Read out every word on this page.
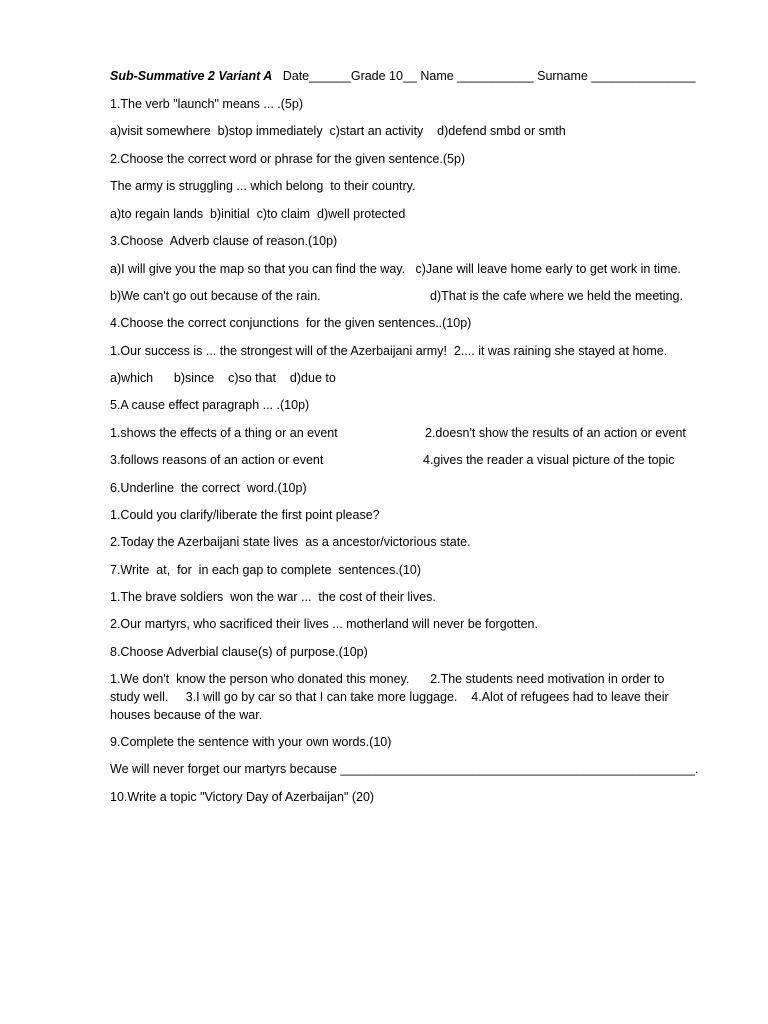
Sub-Summative 2 Variant A   Date______Grade 10__ Name ___________ Surname _______________
1.The verb "launch" means ... .(5p)
a)visit somewhere  b)stop immediately  c)start an activity    d)defend smbd or smth
2.Choose the correct word or phrase for the given sentence.(5p)
The army is struggling ... which belong  to their country.
a)to regain lands  b)initial  c)to claim  d)well protected
3.Choose  Adverb clause of reason.(10p)
a)I will give you the map so that you can find the way.   c)Jane will leave home early to get work in time.
b)We can't go out because of the rain.	d)That is the cafe where we held the meeting.
4.Choose the correct conjunctions  for the given sentences..(10p)
1.Our success is ... the strongest will of the Azerbaijani army!  2.... it was raining she stayed at home.
a)which      b)since    c)so that    d)due to
5.A cause effect paragraph ... .(10p)
1.shows the effects of a thing or an event	2.doesn't show the results of an action or event
3.follows reasons of an action or event	4.gives the reader a visual picture of the topic
6.Underline  the correct  word.(10p)
1.Could you clarify/liberate the first point please?
2.Today the Azerbaijani state lives  as a ancestor/victorious state.
7.Write  at,  for  in each gap to complete  sentences.(10)
1.The brave soldiers  won the war ...  the cost of their lives.
2.Our martyrs, who sacrificed their lives ... motherland will never be forgotten.
8.Choose Adverbial clause(s) of purpose.(10p)
1.We don't  know the person who donated this money.      2.The students need motivation in order to
study well.     3.I will go by car so that I can take more luggage.    4.Alot of refugees had to leave their
houses because of the war.
9.Complete the sentence with your own words.(10)
We will never forget our martyrs because ___________________________________________________.
10.Write a topic "Victory Day of Azerbaijan" (20)
